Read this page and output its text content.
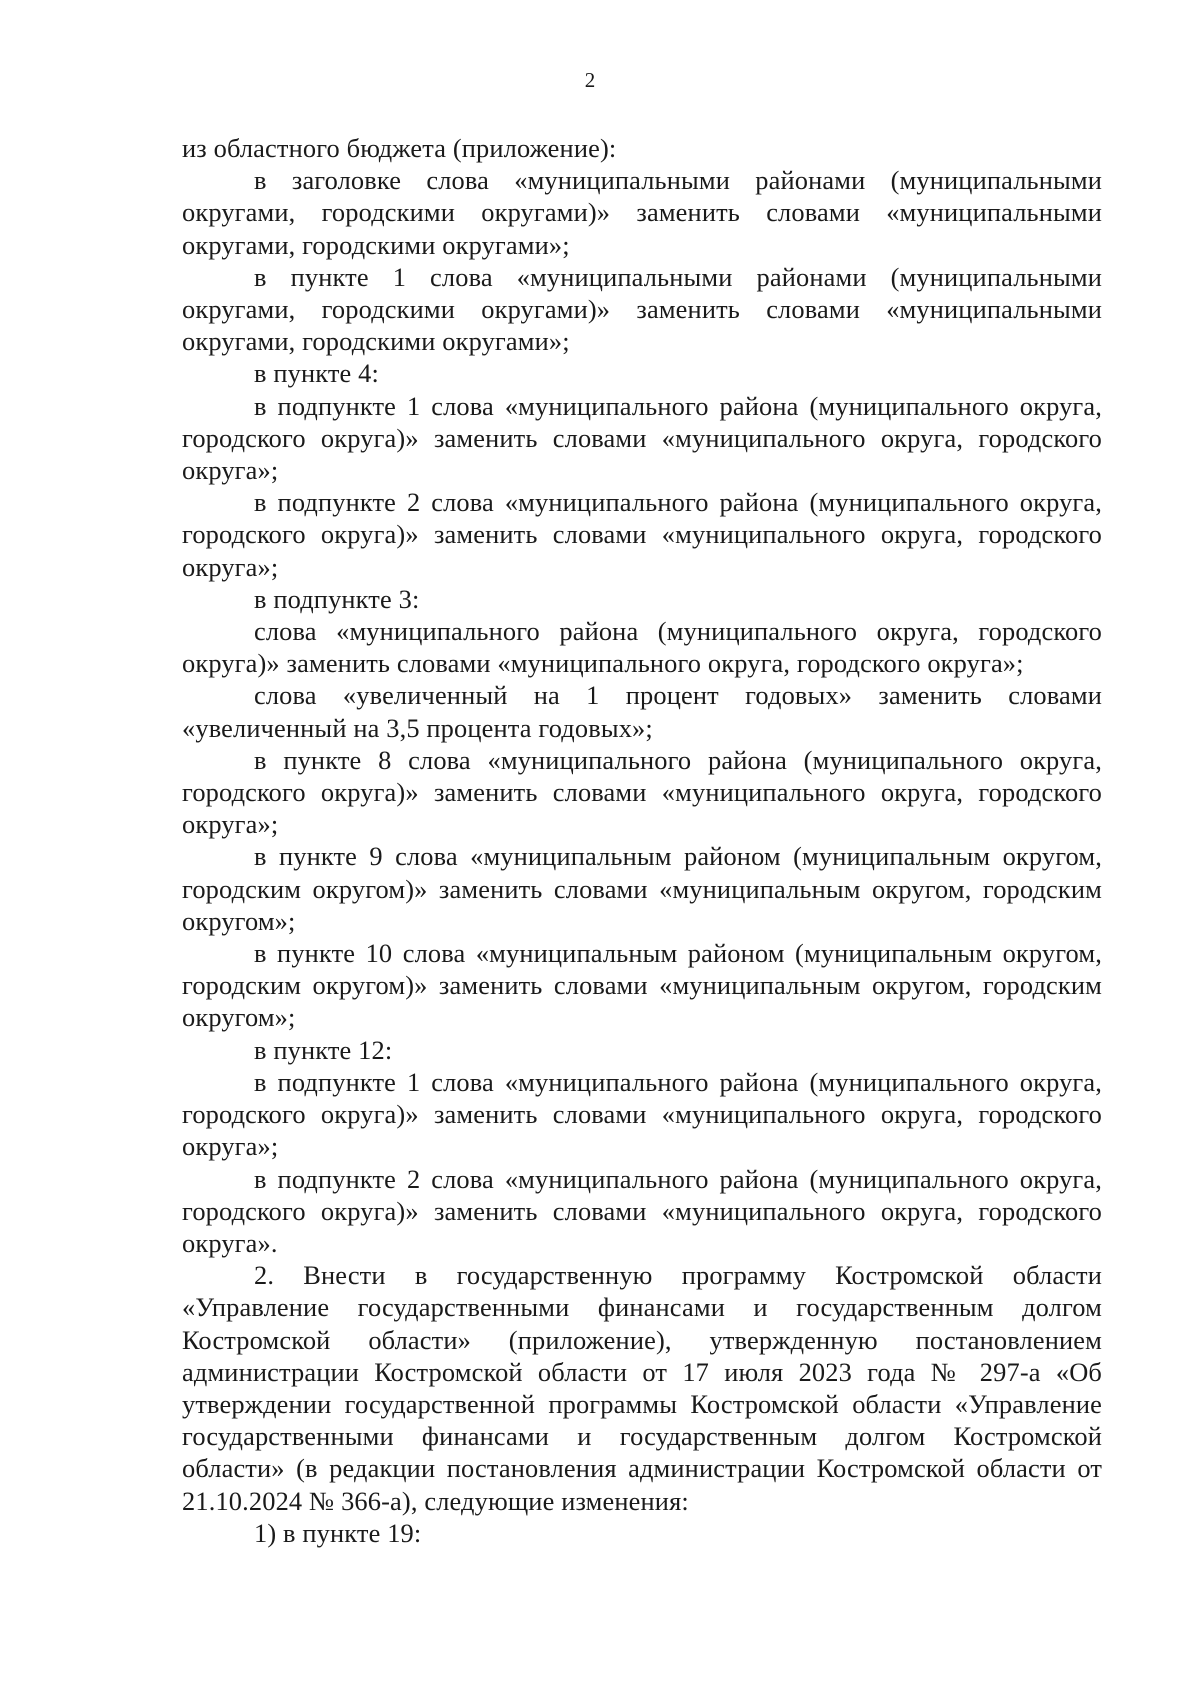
2

из областного бюджета (приложение):

в заголовке слова «муниципальными районами (муниципальными округами, городскими округами)» заменить словами «муниципальными округами, городскими округами»;

в пункте 1 слова «муниципальными районами (муниципальными округами, городскими округами)» заменить словами «муниципальными округами, городскими округами»;

в пункте 4:

в подпункте 1 слова «муниципального района (муниципального округа, городского округа)» заменить словами «муниципального округа, городского округа»;

в подпункте 2 слова «муниципального района (муниципального округа, городского округа)» заменить словами «муниципального округа, городского округа»;

в подпункте 3:

слова «муниципального района (муниципального округа, городского округа)» заменить словами «муниципального округа, городского округа»;

слова «увеличенный на 1 процент годовых» заменить словами «увеличенный на 3,5 процента годовых»;

в пункте 8 слова «муниципального района (муниципального округа, городского округа)» заменить словами «муниципального округа, городского округа»;

в пункте 9 слова «муниципальным районом (муниципальным округом, городским округом)» заменить словами «муниципальным округом, городским округом»;

в пункте 10 слова «муниципальным районом (муниципальным округом, городским округом)» заменить словами «муниципальным округом, городским округом»;

в пункте 12:

в подпункте 1 слова «муниципального района (муниципального округа, городского округа)» заменить словами «муниципального округа, городского округа»;

в подпункте 2 слова «муниципального района (муниципального округа, городского округа)» заменить словами «муниципального округа, городского округа».

2. Внести в государственную программу Костромской области «Управление государственными финансами и государственным долгом Костромской области» (приложение), утвержденную постановлением администрации Костромской области от 17 июля 2023 года № 297-а «Об утверждении государственной программы Костромской области «Управление государственными финансами и государственным долгом Костромской области» (в редакции постановления администрации Костромской области от 21.10.2024 № 366-а), следующие изменения:

1) в пункте 19:
